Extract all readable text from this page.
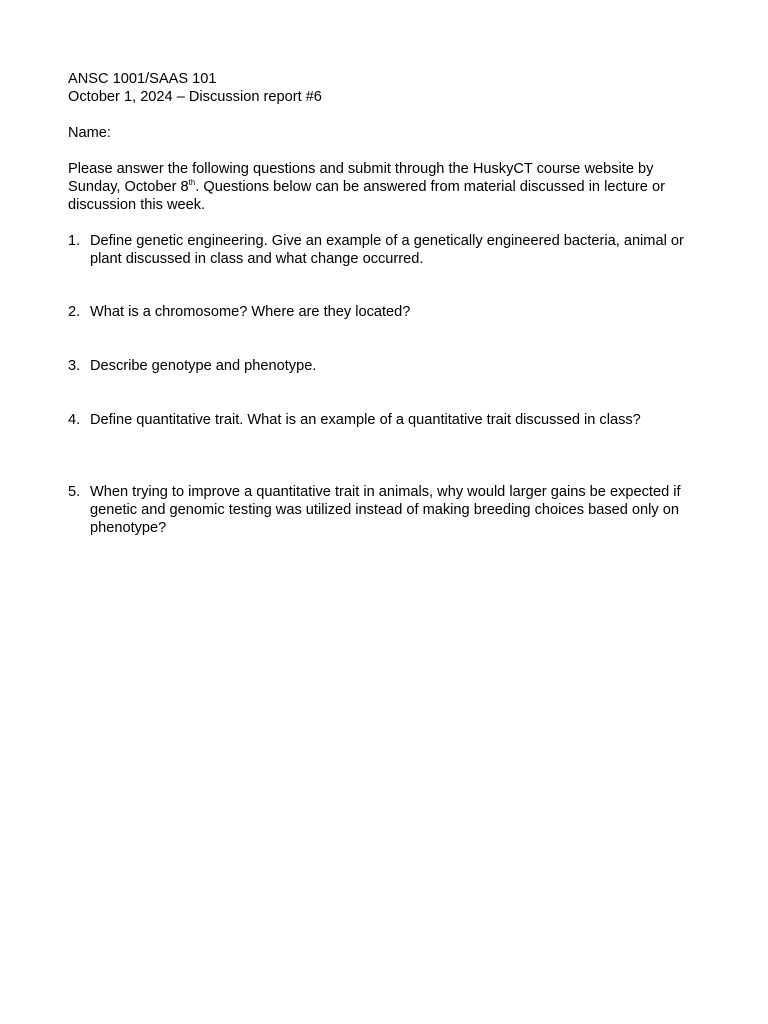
ANSC 1001/SAAS 101
October 1, 2024 – Discussion report #6
Name:

Please answer the following questions and submit through the HuskyCT course website by Sunday, October 8th. Questions below can be answered from material discussed in lecture or discussion this week.

1. Define genetic engineering. Give an example of a genetically engineered bacteria, animal or plant discussed in class and what change occurred.
2. What is a chromosome? Where are they located?
3. Describe genotype and phenotype.
4. Define quantitative trait. What is an example of a quantitative trait discussed in class?
5. When trying to improve a quantitative trait in animals, why would larger gains be expected if genetic and genomic testing was utilized instead of making breeding choices based only on phenotype?
